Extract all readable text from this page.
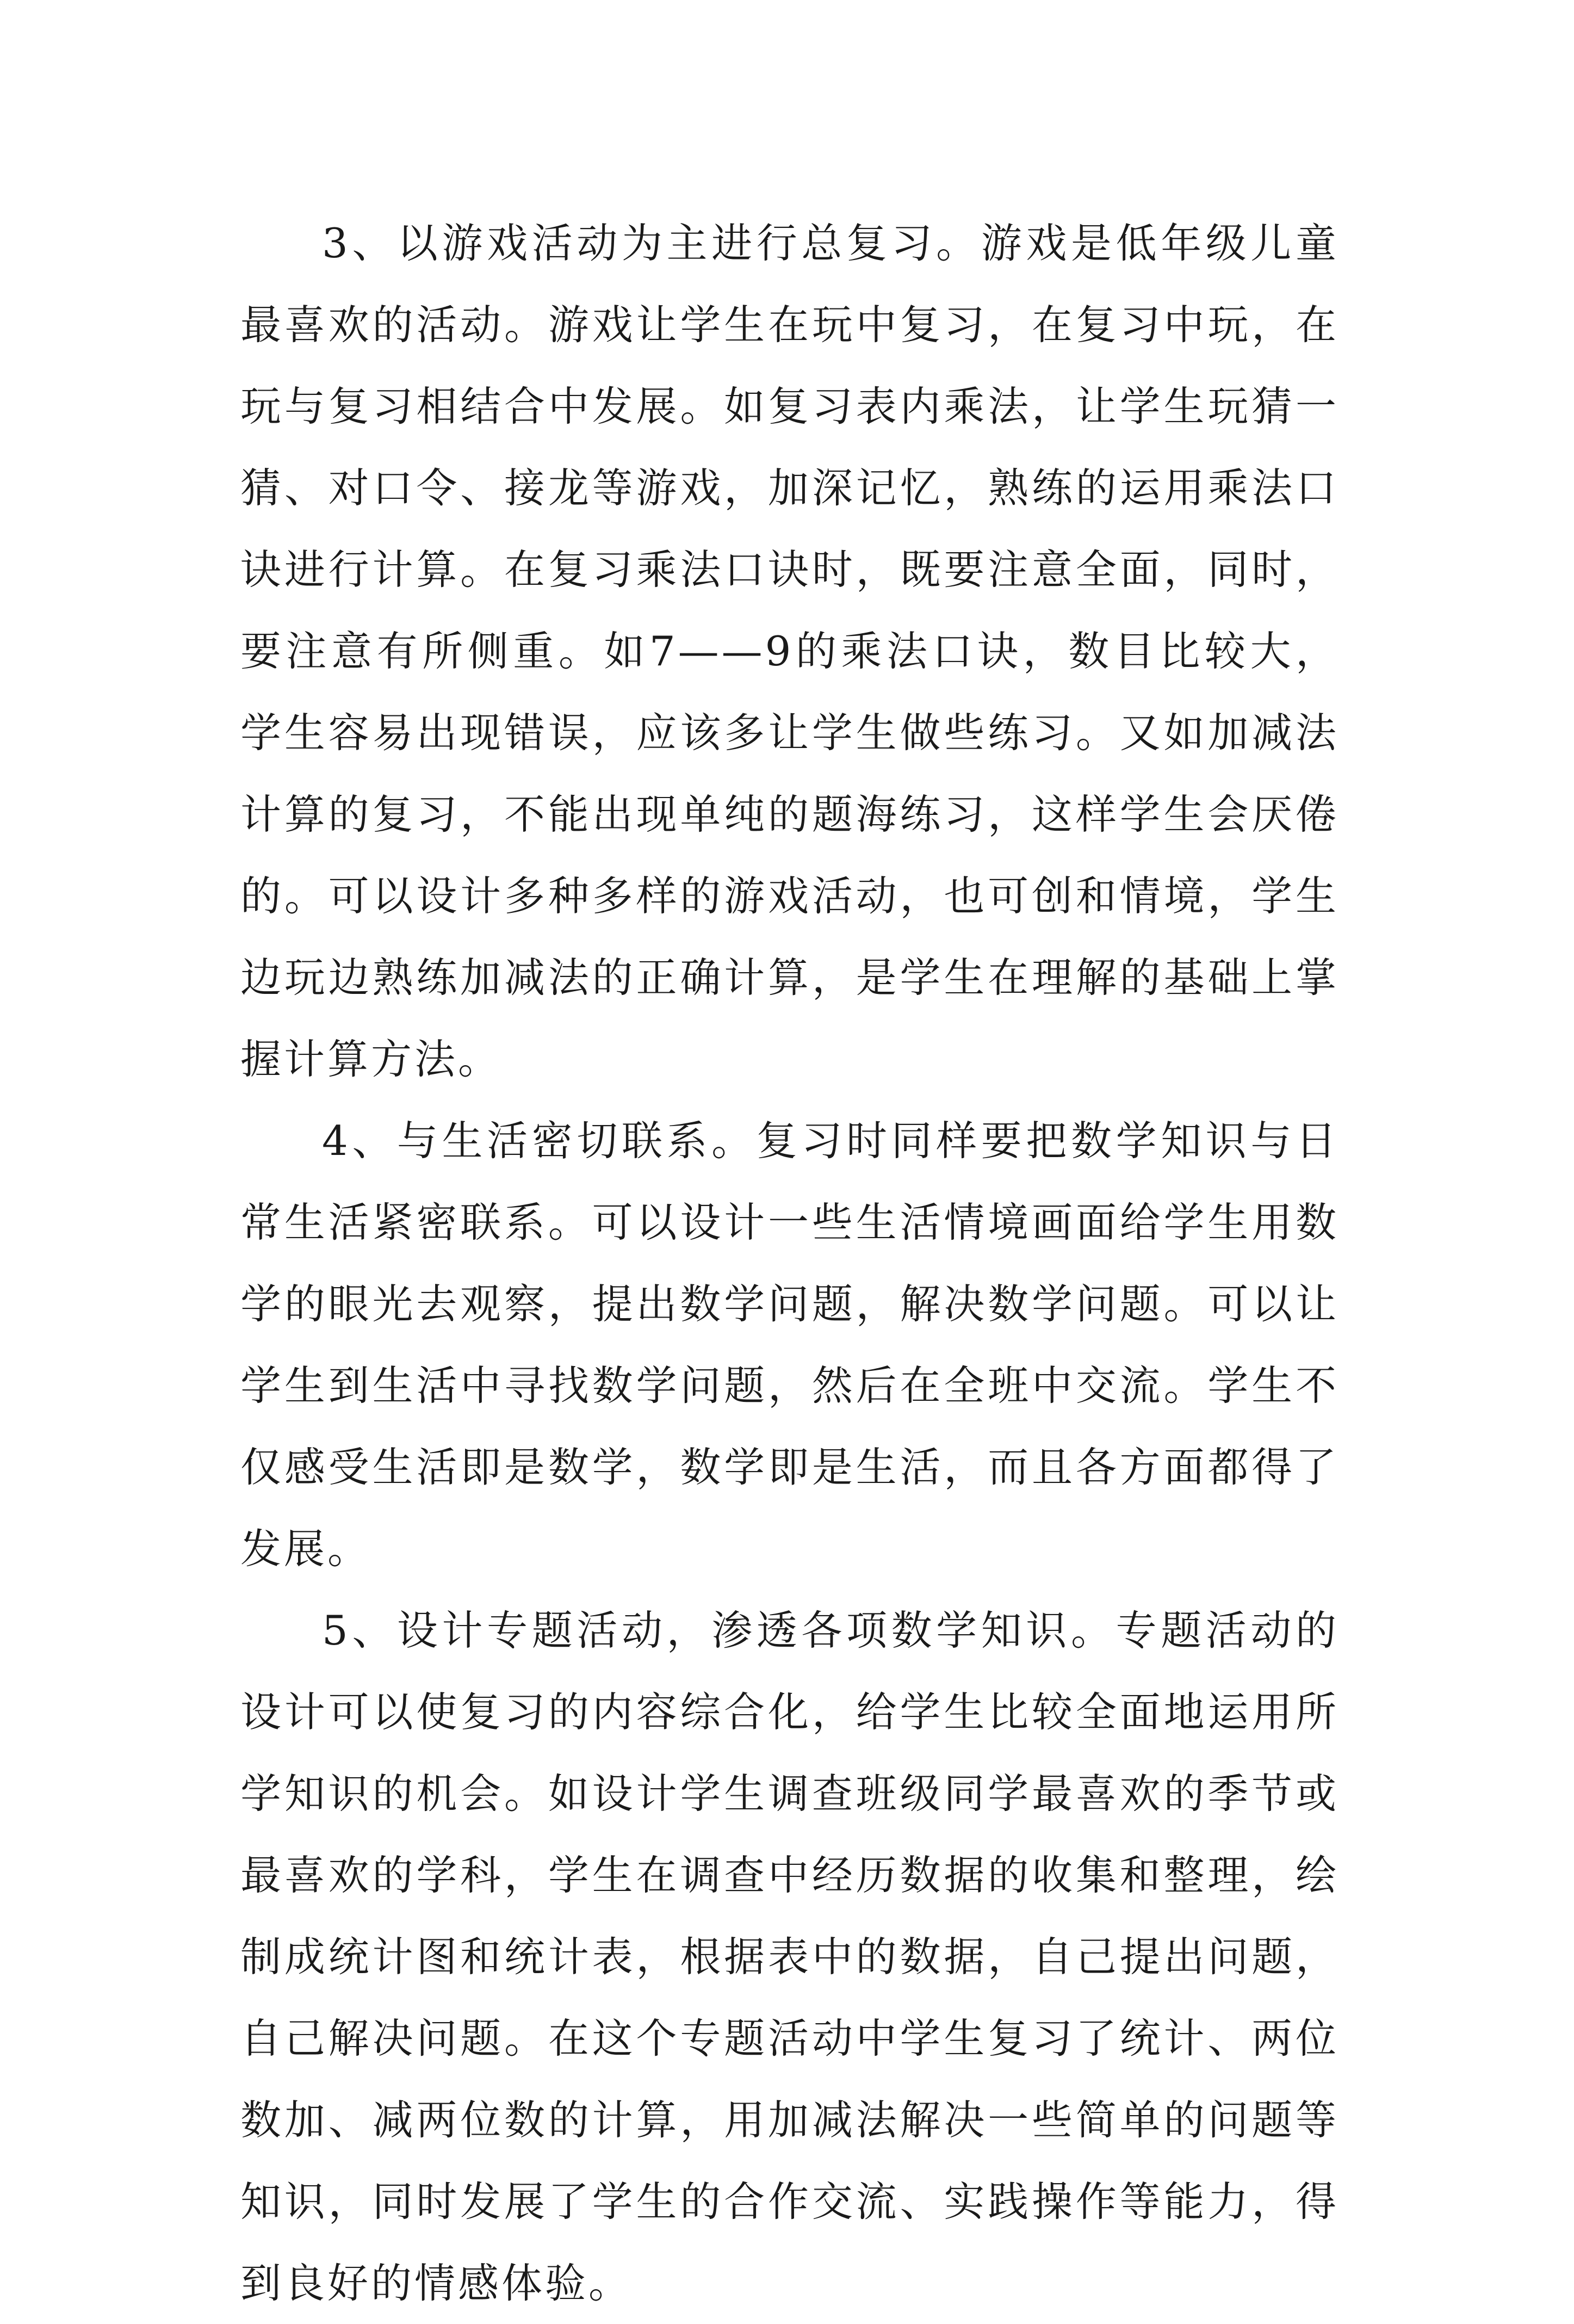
3、以游戏活动为主进行总复习。游戏是低年级儿童最喜欢的活动。游戏让学生在玩中复习，在复习中玩，在玩与复习相结合中发展。如复习表内乘法，让学生玩猜一猜、对口令、接龙等游戏，加深记忆，熟练的运用乘法口诀进行计算。在复习乘法口诀时，既要注意全面，同时，要注意有所侧重。如7——9的乘法口诀，数目比较大，学生容易出现错误，应该多让学生做些练习。又如加减法计算的复习，不能出现单纯的题海练习，这样学生会厌倦的。可以设计多种多样的游戏活动，也可创和情境，学生边玩边熟练加减法的正确计算，是学生在理解的基础上掌握计算方法。

4、与生活密切联系。复习时同样要把数学知识与日常生活紧密联系。可以设计一些生活情境画面给学生用数学的眼光去观察，提出数学问题，解决数学问题。可以让学生到生活中寻找数学问题，然后在全班中交流。学生不仅感受生活即是数学，数学即是生活，而且各方面都得了发展。

5、设计专题活动，渗透各项数学知识。专题活动的设计可以使复习的内容综合化，给学生比较全面地运用所学知识的机会。如设计学生调查班级同学最喜欢的季节或最喜欢的学科，学生在调查中经历数据的收集和整理，绘制成统计图和统计表，根据表中的数据，自己提出问题，自己解决问题。在这个专题活动中学生复习了统计、两位数加、减两位数的计算，用加减法解决一些简单的问题等知识，同时发展了学生的合作交流、实践操作等能力，得到良好的情感体验。
